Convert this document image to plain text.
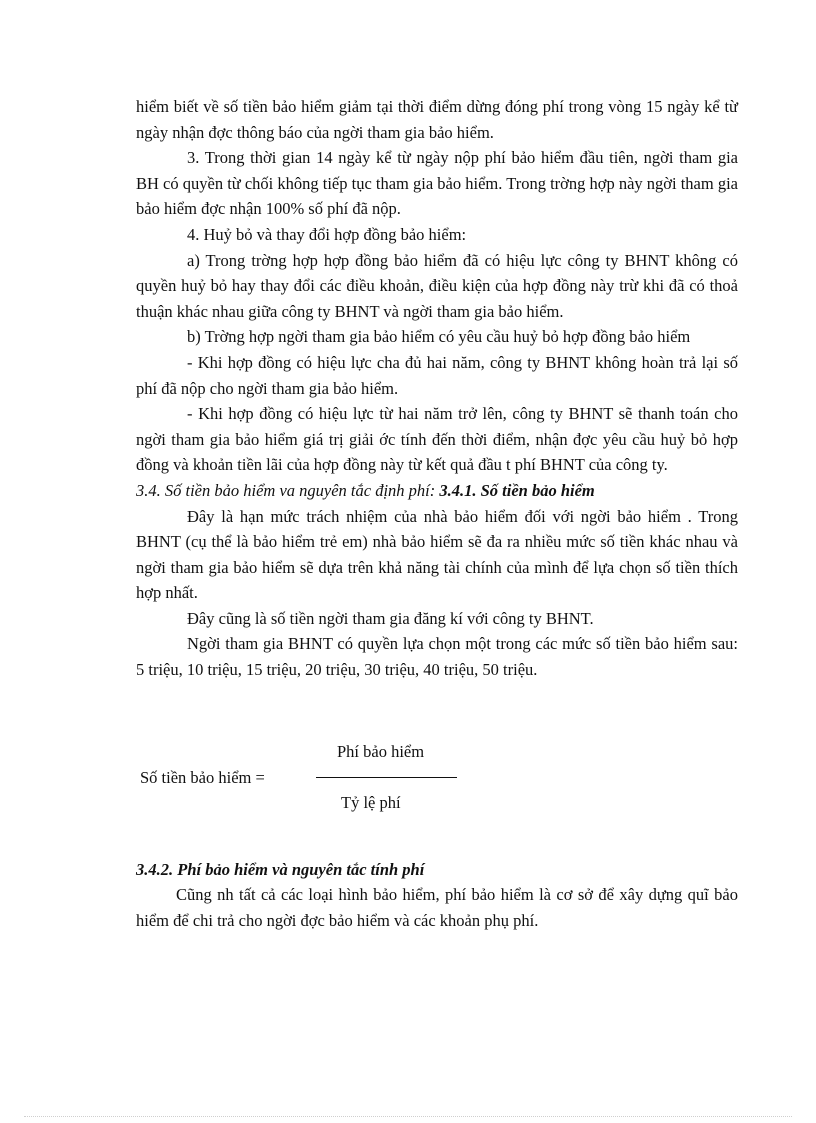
hiểm biết về số tiền bảo hiểm giảm tại thời điểm dừng đóng phí trong vòng 15 ngày kể từ ngày nhận đợc thông báo của ngời tham gia bảo hiểm.

3. Trong thời gian 14 ngày kể từ ngày nộp phí bảo hiểm đầu tiên, ngời tham gia BH có quyền từ chối không tiếp tục tham gia bảo hiểm. Trong trờng hợp này ngời tham gia bảo hiểm đợc nhận 100% số phí đã nộp.

4. Huỷ bỏ và thay đổi hợp đồng bảo hiểm:

a) Trong trờng hợp hợp đồng bảo hiểm đã có hiệu lực công ty BHNT không có quyền huỷ bỏ hay thay đổi các điều khoản, điều kiện của hợp đồng này trừ khi đã có thoả thuận khác nhau giữa công ty BHNT và ngời tham gia bảo hiểm.

b) Trờng hợp ngời tham gia bảo hiểm có yêu cầu huỷ bỏ hợp đồng bảo hiểm

- Khi hợp đồng có hiệu lực cha đủ hai năm, công ty BHNT không hoàn trả lại số phí đã nộp cho ngời tham gia bảo hiểm.

- Khi hợp đồng có hiệu lực từ hai năm trở lên, công ty BHNT sẽ thanh toán cho ngời tham gia bảo hiểm giá trị giải ớc tính đến thời điểm, nhận đợc yêu cầu huỷ bỏ hợp đồng và khoản tiền lãi của hợp đồng này từ kết quả đầu t phí BHNT của công ty.

3.4. Số tiền bảo hiểm va nguyên tắc định phí: 3.4.1. Số tiền bảo hiểm

Đây là hạn mức trách nhiệm của nhà bảo hiểm đối với ngời bảo hiểm . Trong BHNT (cụ thể là bảo hiểm trẻ em) nhà bảo hiểm sẽ đa ra nhiều mức số tiền khác nhau và ngời tham gia bảo hiểm sẽ dựa trên khả năng tài chính của mình để lựa chọn số tiền thích hợp nhất.

Đây cũng là số tiền ngời tham gia đăng kí với công ty BHNT.

Ngời tham gia BHNT có quyền lựa chọn một trong các mức số tiền bảo hiểm sau: 5 triệu, 10 triệu, 15 triệu, 20 triệu, 30 triệu, 40 triệu, 50 triệu.

Số tiền bảo hiểm =
Phí bảo hiểm
Tỷ lệ phí

3.4.2. Phí bảo hiểm và nguyên tắc tính phí

Cũng nh tất cả các loại hình bảo hiểm, phí bảo hiểm là cơ sở để xây dựng quĩ bảo hiểm để chi trả cho ngời đợc bảo hiểm và các khoản phụ phí.
